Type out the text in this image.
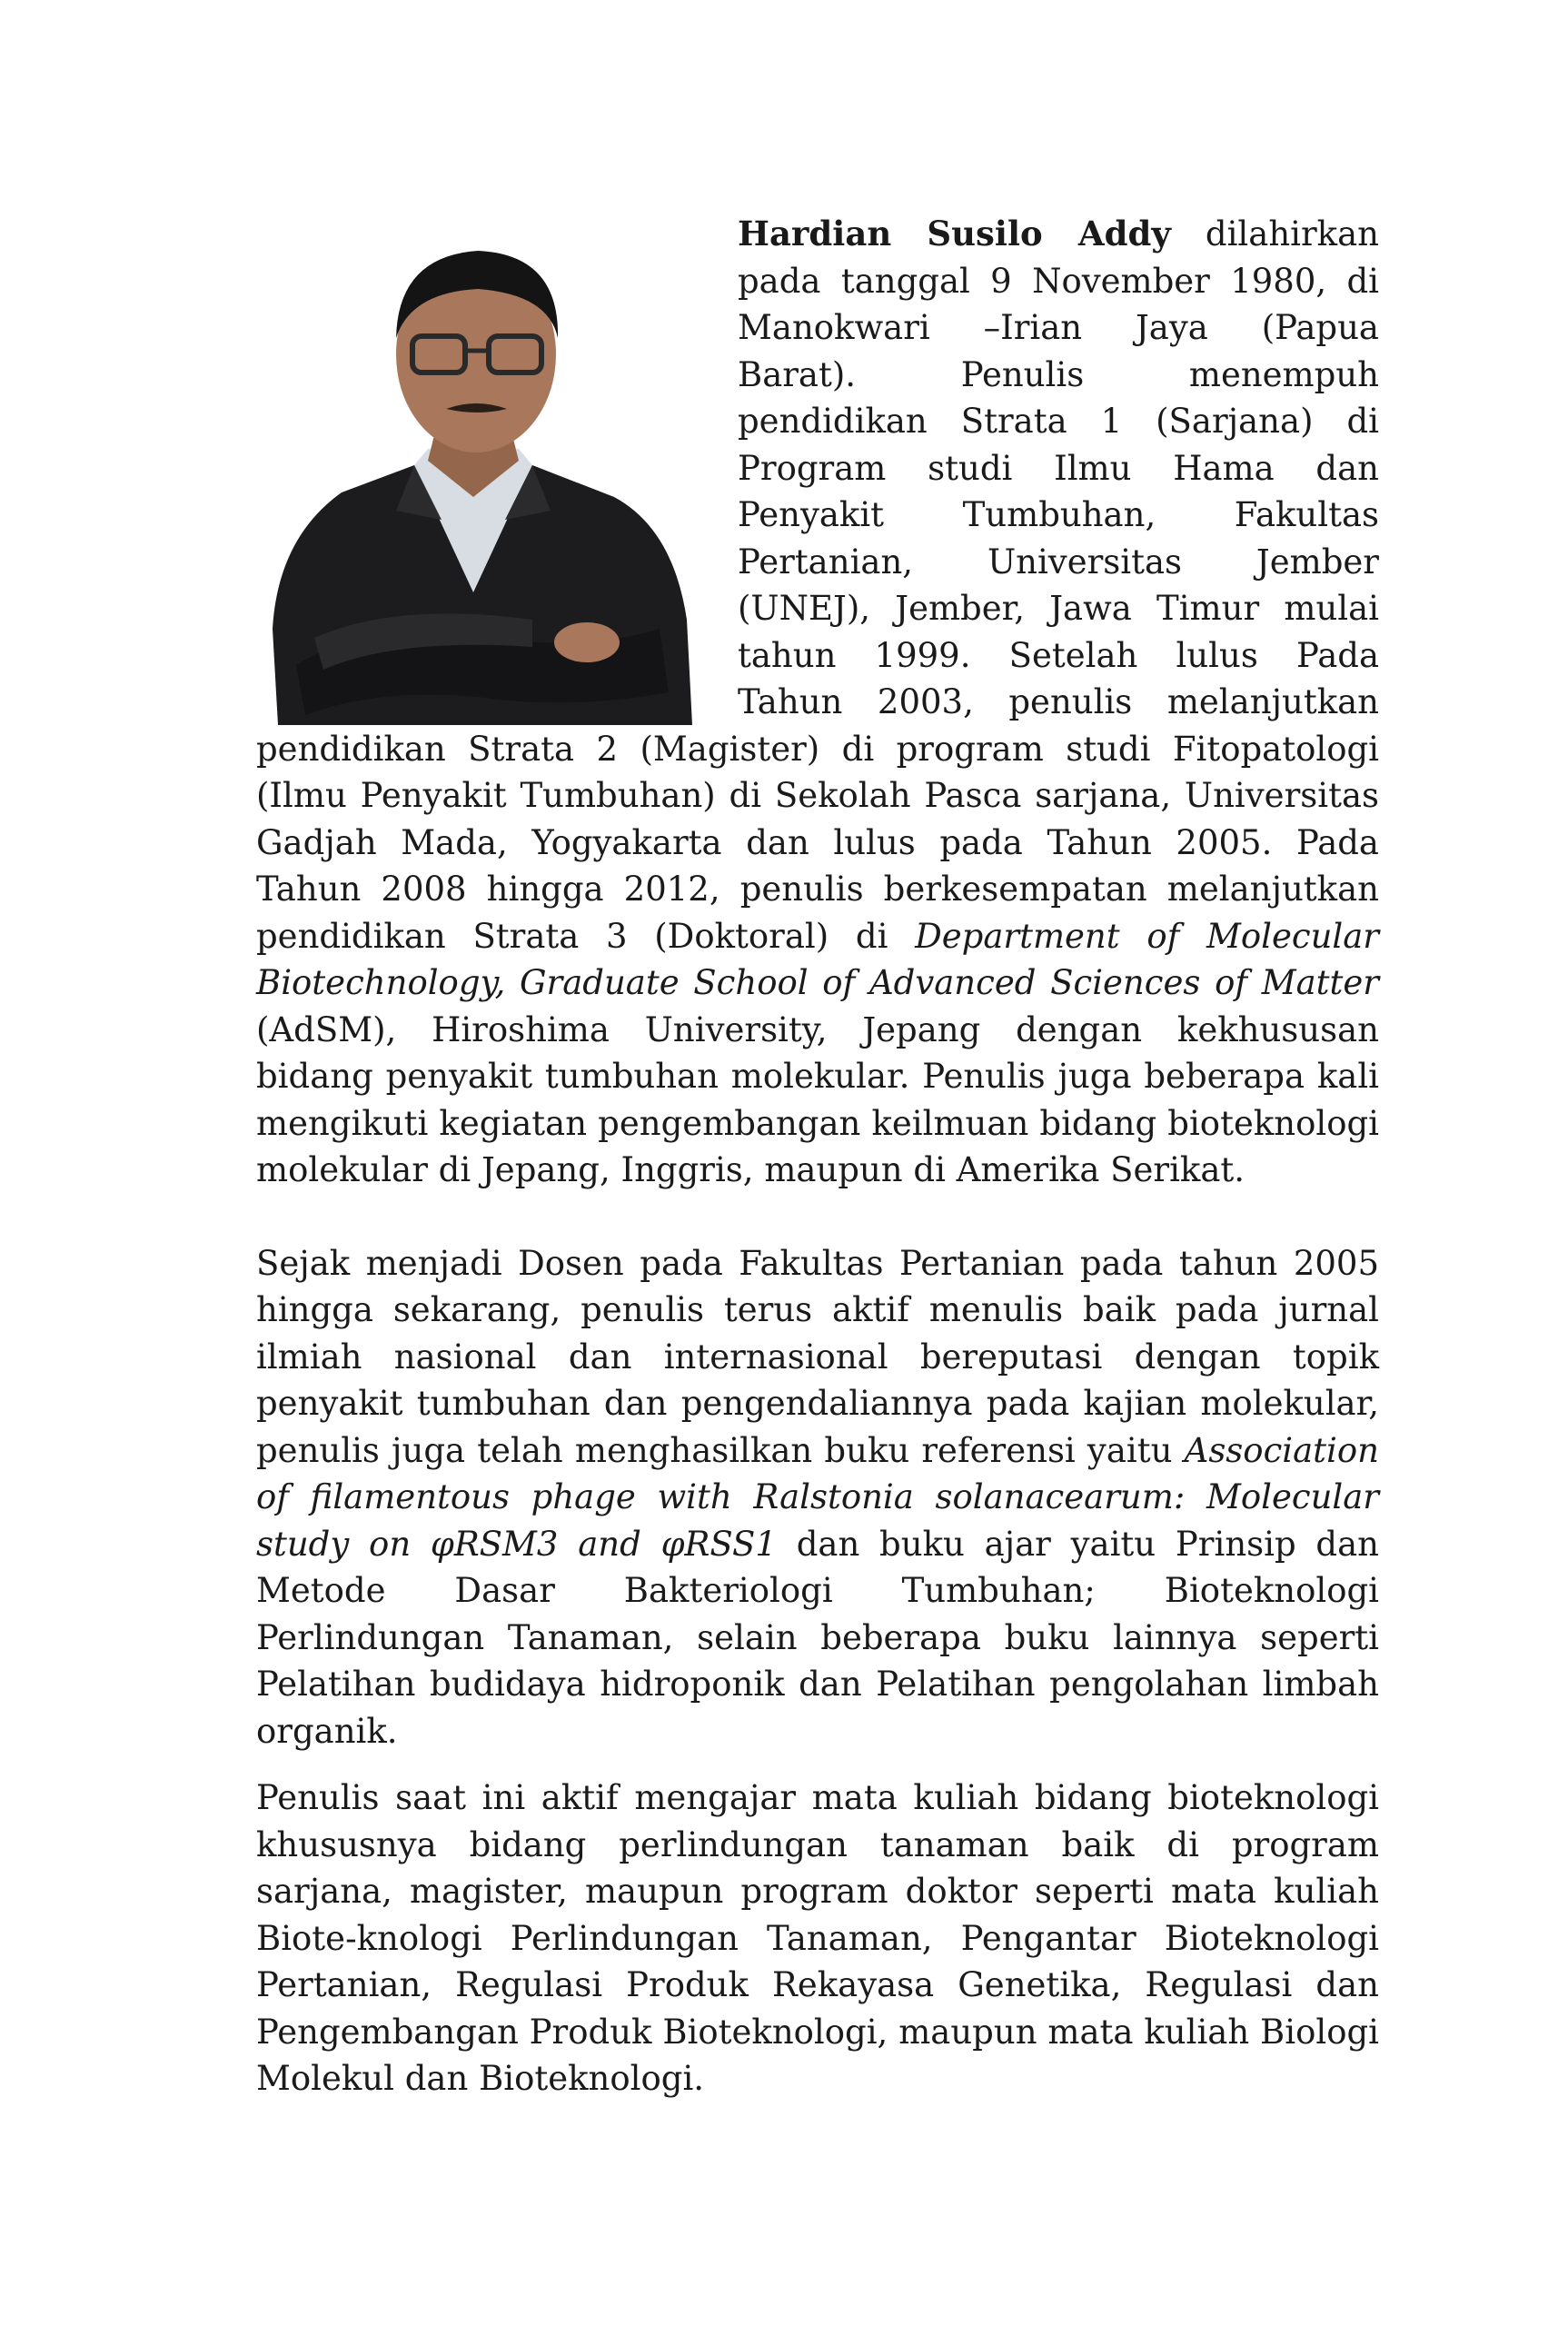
Hardian Susilo Addy dilahirkan pada tanggal 9 November 1980, di Manokwari –Irian Jaya (Papua Barat). Penulis menempuh pendidikan Strata 1 (Sarjana) di Program studi Ilmu Hama dan Penyakit Tumbuhan, Fakultas Pertanian, Universitas Jember (UNEJ), Jember, Jawa Timur mulai tahun 1999. Setelah lulus Pada Tahun 2003, penulis melanjutkan pendidikan Strata 2 (Magister) di program studi Fitopatologi (Ilmu Penyakit Tumbuhan) di Sekolah Pasca sarjana, Universitas Gadjah Mada, Yogyakarta dan lulus pada Tahun 2005. Pada Tahun 2008 hingga 2012, penulis berkesempatan melanjutkan pendidikan Strata 3 (Doktoral) di Department of Molecular Biotechnology, Graduate School of Advanced Sciences of Matter (AdSM), Hiroshima University, Jepang dengan kekhususan bidang penyakit tumbuhan molekular. Penulis juga beberapa kali mengikuti kegiatan pengembangan keilmuan bidang bioteknologi molekular di Jepang, Inggris, maupun di Amerika Serikat.

Sejak menjadi Dosen pada Fakultas Pertanian pada tahun 2005 hingga sekarang, penulis terus aktif menulis baik pada jurnal ilmiah nasional dan internasional bereputasi dengan topik penyakit tumbuhan dan pengendaliannya pada kajian molekular, penulis juga telah menghasilkan buku referensi yaitu Association of filamentous phage with Ralstonia solanacearum: Molecular study on φRSM3 and φRSS1 dan buku ajar yaitu Prinsip dan Metode Dasar Bakteriologi Tumbuhan; Bioteknologi Perlindungan Tanaman, selain beberapa buku lainnya seperti Pelatihan budidaya hidroponik dan Pelatihan pengolahan limbah organik.

Penulis saat ini aktif mengajar mata kuliah bidang bioteknologi khususnya bidang perlindungan tanaman baik di program sarjana, magister, maupun program doktor seperti mata kuliah Biote-knologi Perlindungan Tanaman, Pengantar Bioteknologi Pertanian, Regulasi Produk Rekayasa Genetika, Regulasi dan Pengembangan Produk Bioteknologi, maupun mata kuliah Biologi Molekul dan Bioteknologi.
